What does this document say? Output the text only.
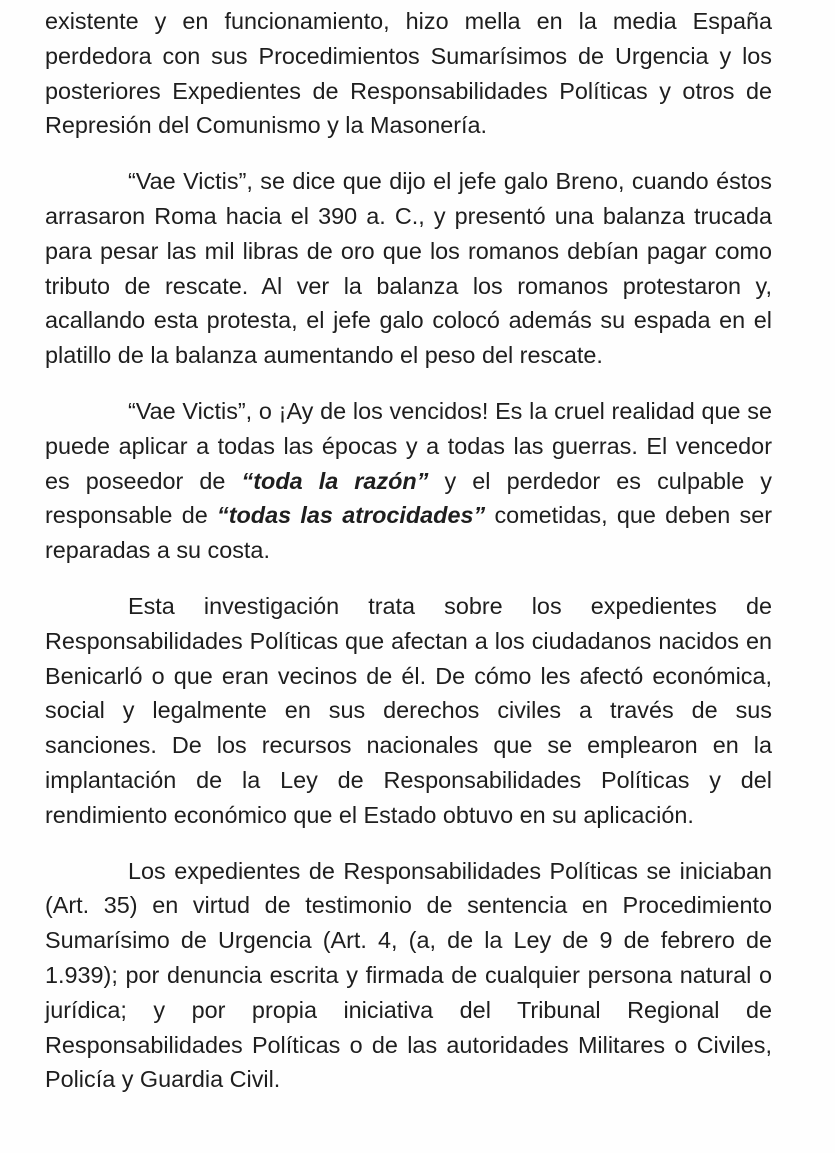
existente y en funcionamiento, hizo mella en la media España perdedora con sus Procedimientos Sumarísimos de Urgencia y los posteriores Expedientes de Responsabilidades Políticas y otros de Represión del Comunismo y la Masonería.

“Vae Victis”, se dice que dijo el jefe galo Breno, cuando éstos arrasaron Roma hacia el 390 a. C., y presentó una balanza trucada para pesar las mil libras de oro que los romanos debían pagar como tributo de rescate. Al ver la balanza los romanos protestaron y, acallando esta protesta, el jefe galo colocó además su espada en el platillo de la balanza aumentando el peso del rescate.

“Vae Victis”, o ¡Ay de los vencidos! Es la cruel realidad que se puede aplicar a todas las épocas y a todas las guerras. El vencedor es poseedor de “toda la razón” y el perdedor es culpable y responsable de “todas las atrocidades” cometidas, que deben ser reparadas a su costa.

Esta investigación trata sobre los expedientes de Responsabilidades Políticas que afectan a los ciudadanos nacidos en Benicarló o que eran vecinos de él. De cómo les afectó económica, social y legalmente en sus derechos civiles a través de sus sanciones. De los recursos nacionales que se emplearon en la implantación de la Ley de Responsabilidades Políticas y del rendimiento económico que el Estado obtuvo en su aplicación.

Los expedientes de Responsabilidades Políticas se iniciaban (Art. 35) en virtud de testimonio de sentencia en Procedimiento Sumarísimo de Urgencia (Art. 4, (a, de la Ley de 9 de febrero de 1.939); por denuncia escrita y firmada de cualquier persona natural o jurídica; y por propia iniciativa del Tribunal Regional de Responsabilidades Políticas o de las autoridades Militares o Civiles, Policía y Guardia Civil.
